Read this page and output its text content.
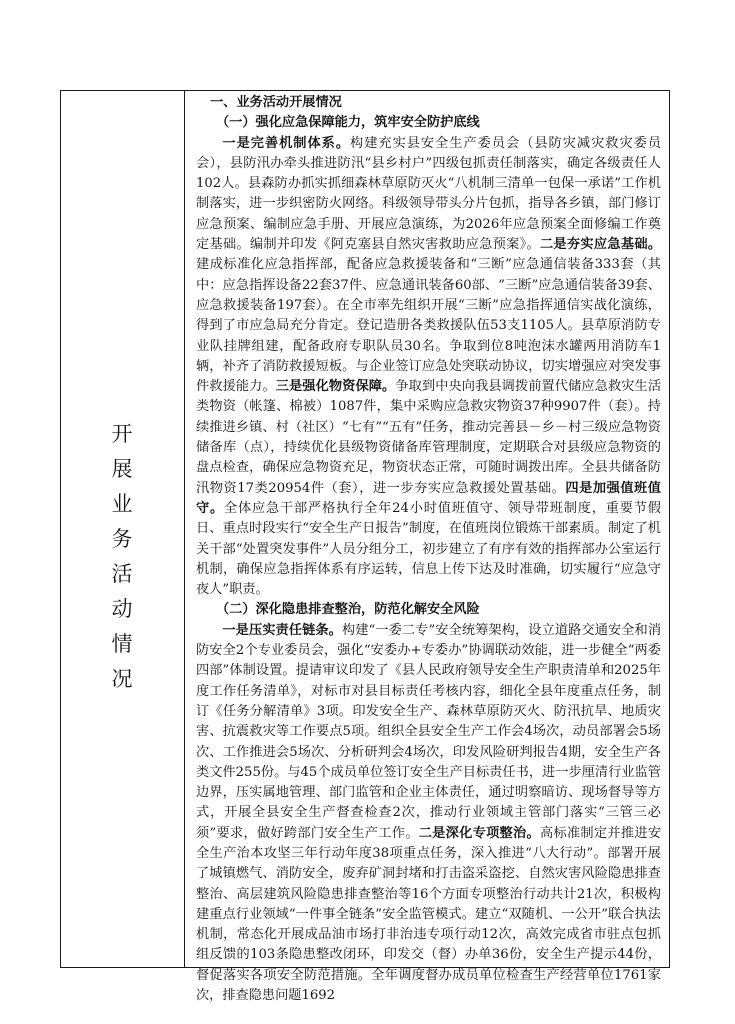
开展业务活动情况
一、业务活动开展情况
（一）强化应急保障能力，筑牢安全防护底线

一是完善机制体系。构建充实县安全生产委员会（县防灾减灾救灾委员会），县防汛办牵头推进防汛“县乡村户”四级包抓责任制落实，确定各级责任人102人。县森防办抓实抓细森林草原防灭火“八机制三清单一包保一承诺”工作机制落实，进一步织密防火网络。科级领导带头分片包抓，指导各乡镇，部门修订应急预案、编制应急手册、开展应急演练，为2026年应急预案全面修编工作奠定基础。编制并印发《阿克塞县自然灾害救助应急预案》。二是夯实应急基础。建成标准化应急指挥部，配备应急救援装备和“三断”应急通信装备333套（其中：应急指挥设备22套37件、应急通讯装备60部、“三断”应急通信装备39套、应急救援装备197套）。在全市率先组织开展“三断”应急指挥通信实战化演练，得到了市应急局充分肯定。登记造册各类救援队伍53支1105人。县草原消防专业队挂牌组建，配备政府专职队员30名。争取到位8吨泡沫水罐两用消防车1辆，补齐了消防救援短板。与企业签订应急处突联动协议，切实增强应对突发事件救援能力。三是强化物资保障。争取到中央向我县调拨前置代储应急救灾生活类物资（帐篷、棉被）1087件，集中采购应急救灾物资37种9907件（套）。持续推进乡镇、村（社区）“七有”“五有”任务，推动完善县－乡－村三级应急物资储备库（点），持续优化县级物资储备库管理制度，定期联合对县级应急物资的盘点检查，确保应急物资充足，物资状态正常，可随时调拨出库。全县共储备防汛物资17类20954件（套），进一步夯实应急救援处置基础。四是加强值班值守。全体应急干部严格执行全年24小时值班值守、领导带班制度，重要节假日、重点时段实行“安全生产日报告”制度，在值班岗位锻炼干部素质。制定了机关干部“处置突发事件”人员分组分工，初步建立了有序有效的指挥部办公室运行机制，确保应急指挥体系有序运转，信息上传下达及时准确，切实履行“应急守夜人”职责。

（二）深化隐患排查整治，防范化解安全风险

一是压实责任链条。构建“一委二专”安全统筹架构，设立道路交通安全和消防安全2个专业委员会，强化“安委办+专委办”协调联动效能，进一步健全“两委四部”体制设置。提请审议印发了《县人民政府领导安全生产职责清单和2025年度工作任务清单》，对标市对县目标责任考核内容，细化全县年度重点任务，制订《任务分解清单》3项。印发安全生产、森林草原防灭火、防汛抗旱、地质灾害、抗震救灾等工作要点5项。组织全县安全生产工作会4场次，动员部署会5场次、工作推进会5场次、分析研判会4场次，印发风险研判报告4期，安全生产各类文件255份。与45个成员单位签订安全生产目标责任书，进一步厘清行业监管边界，压实属地管理、部门监管和企业主体责任，通过明察暗访、现场督导等方式，开展全县安全生产督查检查2次，推动行业领域主管部门落实“三管三必须”要求，做好跨部门安全生产工作。二是深化专项整治。高标准制定并推进安全生产治本攻坚三年行动年度38项重点任务，深入推进“八大行动”。部署开展了城镇燃气、消防安全，废弃矿洞封堵和打击盗采盗挖、自然灾害风险隐患排查整治、高层建筑风险隐患排查整治等16个方面专项整治行动共计21次，积极构建重点行业领域“一件事全链条”安全监管模式。建立“双随机、一公开”联合执法机制，常态化开展成品油市场打非治违专项行动12次，高效完成省市驻点包抓组反馈的103条隐患整改闭环，印发交（督）办单36份，安全生产提示44份，督促落实各项安全防范措施。全年调度督办成员单位检查生产经营单位1761家次，排查隐患问题1692
